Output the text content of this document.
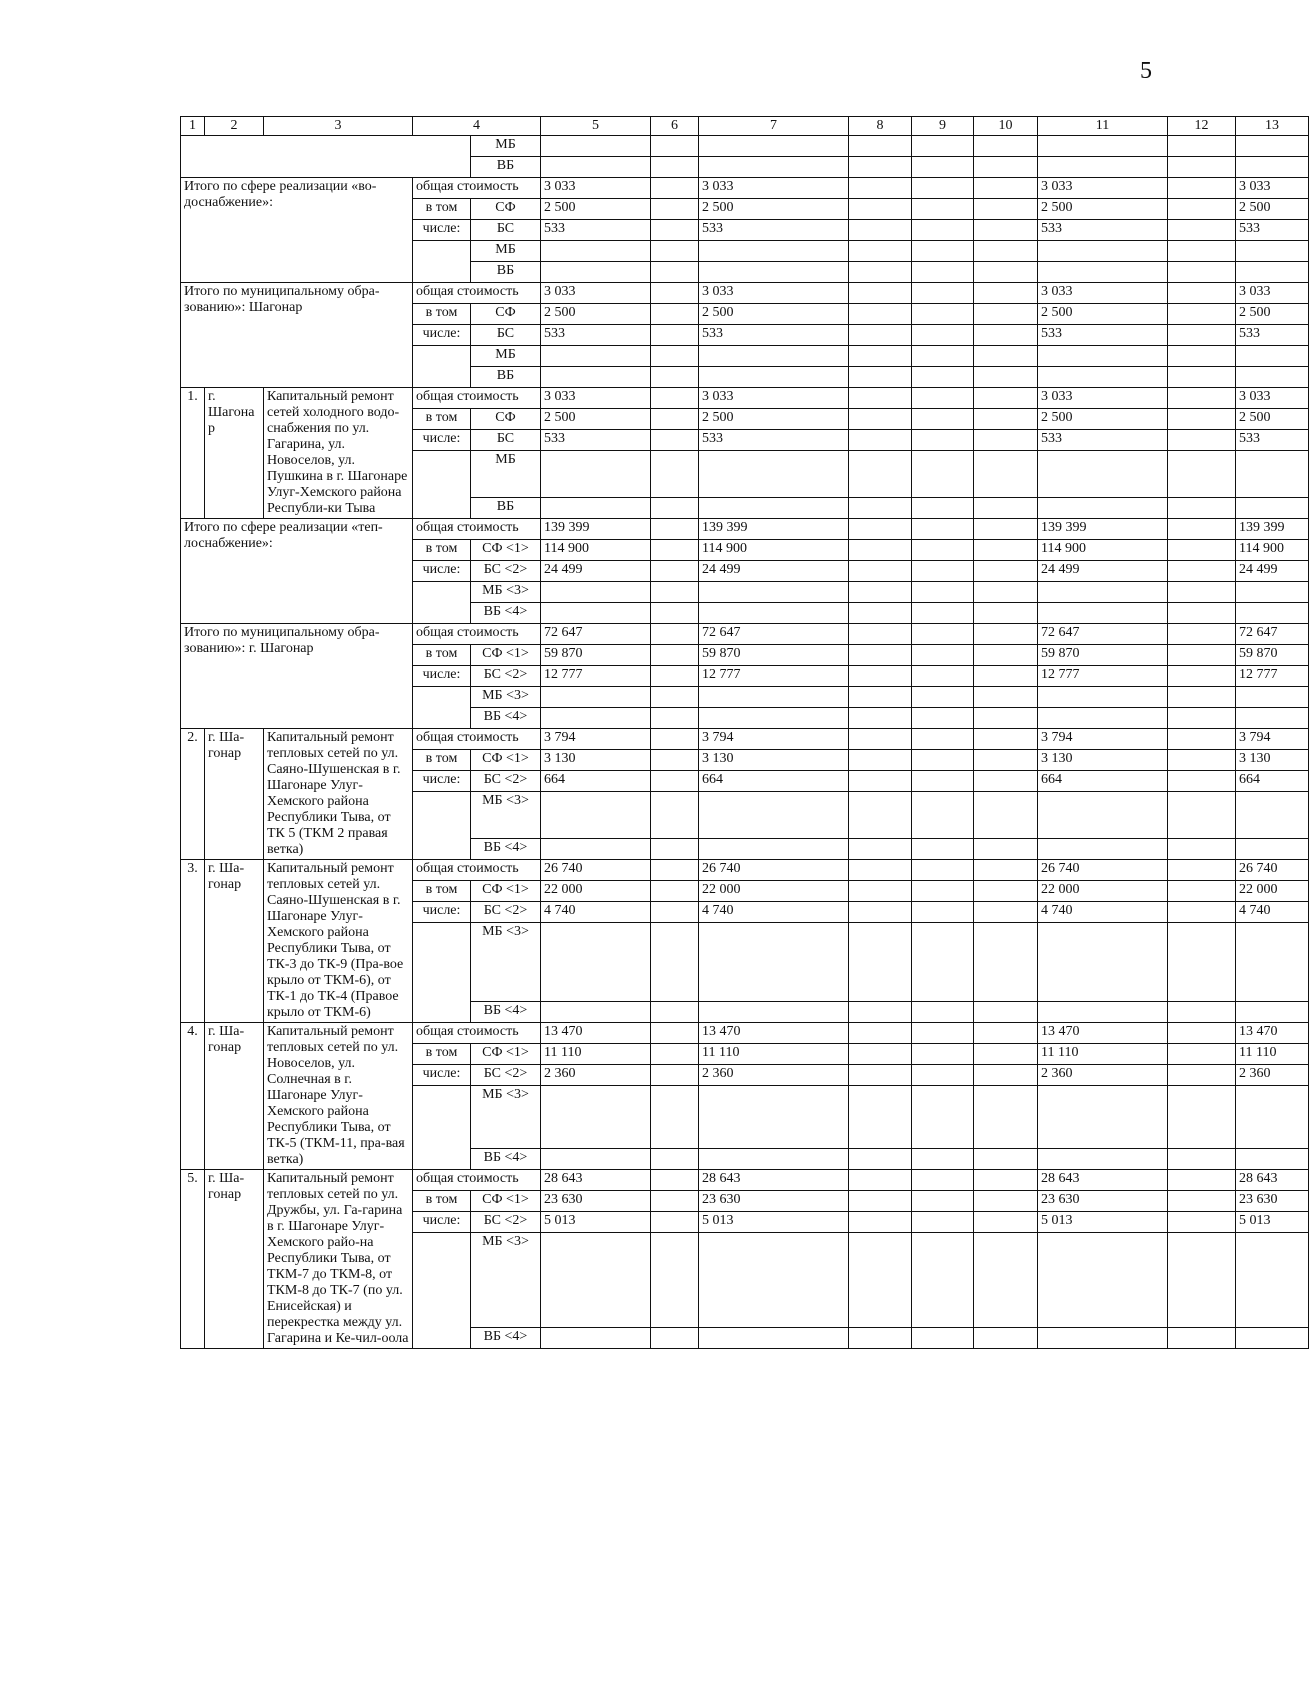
5
1	2	3	4		5	6	7	8	9	10	11	12	13
				МБ									
				ВБ									
Итого по сфере реализации «во-доснабжение»:			общая стоимость		3 033		3 033				3 033		3 033
			в том	СФ	2 500		2 500				2 500		2 500
			числе:	БС	533		533				533		533
				МБ									
				ВБ									
Итого по муниципальному обра-зованию»: Шагонар			общая стоимость		3 033		3 033				3 033		3 033
			в том	СФ	2 500		2 500				2 500		2 500
			числе:	БС	533		533				533		533
				МБ									
				ВБ									
1.	г. Шагонар	Капитальный ремонт сетей холодного водо-снабжения по ул. Гагарина, ул. Новоселов, ул. Пушкина в г. Шагонаре Улуг-Хемского района Республи-ки Тыва	общая стоимость		3 033		3 033				3 033		3 033
			в том	СФ	2 500		2 500				2 500		2 500
			числе:	БС	533		533				533		533
				МБ									
				ВБ									
Итого по сфере реализации «теп-лоснабжение»:			общая стоимость		139 399		139 399				139 399		139 399
			в том	СФ <1>	114 900		114 900				114 900		114 900
			числе:	БС <2>	24 499		24 499				24 499		24 499
				МБ <3>									
				ВБ <4>									
Итого по муниципальному обра-зованию»: г. Шагонар			общая стоимость		72 647		72 647				72 647		72 647
			в том	СФ <1>	59 870		59 870				59 870		59 870
			числе:	БС <2>	12 777		12 777				12 777		12 777
				МБ <3>									
				ВБ <4>									
2.	г. Ша-гонар	Капитальный ремонт тепловых сетей по ул. Саяно-Шушенская в г. Шагонаре Улуг-Хемского района Республики Тыва, от ТК 5 (ТКМ 2 правая ветка)	общая стоимость		3 794		3 794				3 794		3 794
			в том	СФ <1>	3 130		3 130				3 130		3 130
			числе:	БС <2>	664		664				664		664
				МБ <3>									
				ВБ <4>									
3.	г. Ша-гонар	Капитальный ремонт тепловых сетей ул. Саяно-Шушенская в г. Шагонаре Улуг-Хемского района Республики Тыва, от ТК-3 до ТК-9 (Пра-вое крыло от ТКМ-6), от ТК-1 до ТК-4 (Правое крыло от ТКМ-6)	общая стоимость		26 740		26 740				26 740		26 740
			в том	СФ <1>	22 000		22 000				22 000		22 000
			числе:	БС <2>	4 740		4 740				4 740		4 740
				МБ <3>									
				ВБ <4>									
4.	г. Ша-гонар	Капитальный ремонт тепловых сетей по ул. Новоселов, ул. Солнечная в г. Шагонаре Улуг-Хемского района Республики Тыва, от ТК-5 (ТКМ-11, пра-вая ветка)	общая стоимость		13 470		13 470				13 470		13 470
			в том	СФ <1>	11 110		11 110				11 110		11 110
			числе:	БС <2>	2 360		2 360				2 360		2 360
				МБ <3>									
				ВБ <4>									
5.	г. Ша-гонар	Капитальный ремонт тепловых сетей по ул. Дружбы, ул. Га-гарина в г. Шагонаре Улуг-Хемского райо-на Республики Тыва, от ТКМ-7 до ТКМ-8, от ТКМ-8 до ТК-7 (по ул. Енисейская) и перекрестка между ул. Гагарина и Ке-чил-оола	общая стоимость		28 643		28 643				28 643		28 643
			в том	СФ <1>	23 630		23 630				23 630		23 630
			числе:	БС <2>	5 013		5 013				5 013		5 013
				МБ <3>									
				ВБ <4>									
